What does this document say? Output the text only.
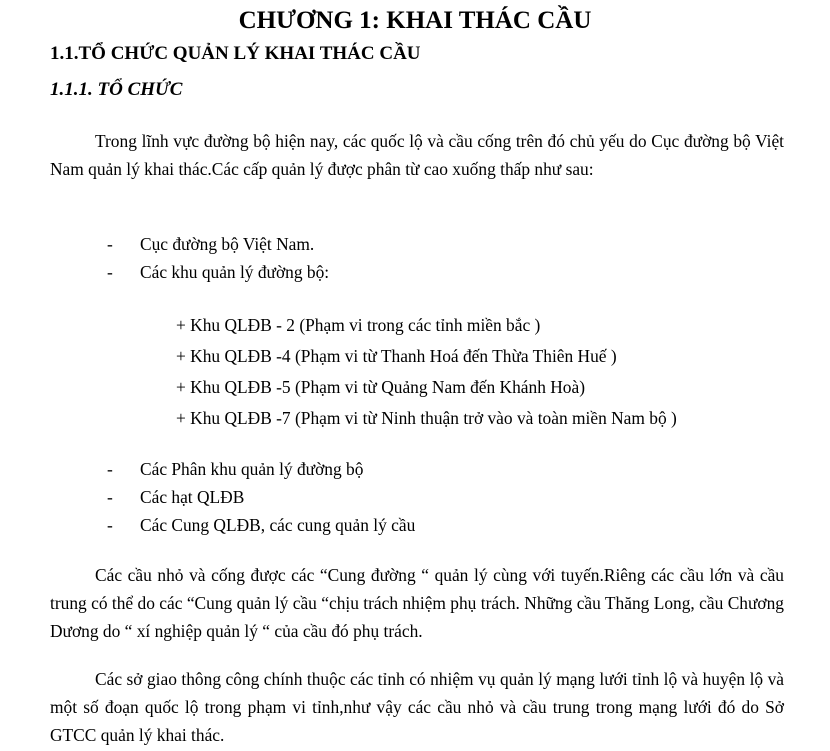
CHƯƠNG 1: KHAI THÁC CẦU
1.1.TỔ CHỨC QUẢN LÝ KHAI THÁC CẦU
1.1.1. TỔ CHỨC

Trong lĩnh vực đường bộ hiện nay, các quốc lộ và cầu cống trên đó chủ yếu do Cục đường bộ Việt Nam quản lý khai thác.Các cấp quản lý được phân từ cao xuống thấp như sau:

- Cục đường bộ Việt Nam.
- Các khu quản lý đường bộ:
+ Khu QLĐB - 2 (Phạm vi trong các tỉnh miền bắc )
+ Khu QLĐB -4 (Phạm vi từ Thanh Hoá đến Thừa Thiên Huế )
+ Khu QLĐB -5 (Phạm vi từ Quảng Nam đến Khánh Hoà)
+ Khu QLĐB -7 (Phạm vi từ Ninh thuận trở vào và toàn miền Nam bộ )
- Các Phân khu quản lý đường bộ
- Các hạt QLĐB
- Các Cung QLĐB, các cung quản lý cầu

Các cầu nhỏ và cống được các “Cung đường “ quản lý cùng với tuyến.Riêng các cầu lớn và cầu trung có thể do các “Cung quản lý cầu “chịu trách nhiệm phụ trách. Những cầu Thăng Long, cầu Chương Dương do “ xí nghiệp quản lý “ của cầu đó phụ trách.

Các sở giao thông công chính thuộc các tỉnh có nhiệm vụ quản lý mạng lưới tỉnh lộ và huyện lộ và một số đoạn quốc lộ trong phạm vi tỉnh,như vậy các cầu nhỏ và cầu trung trong mạng lưới đó do Sở GTCC quản lý khai thác.
